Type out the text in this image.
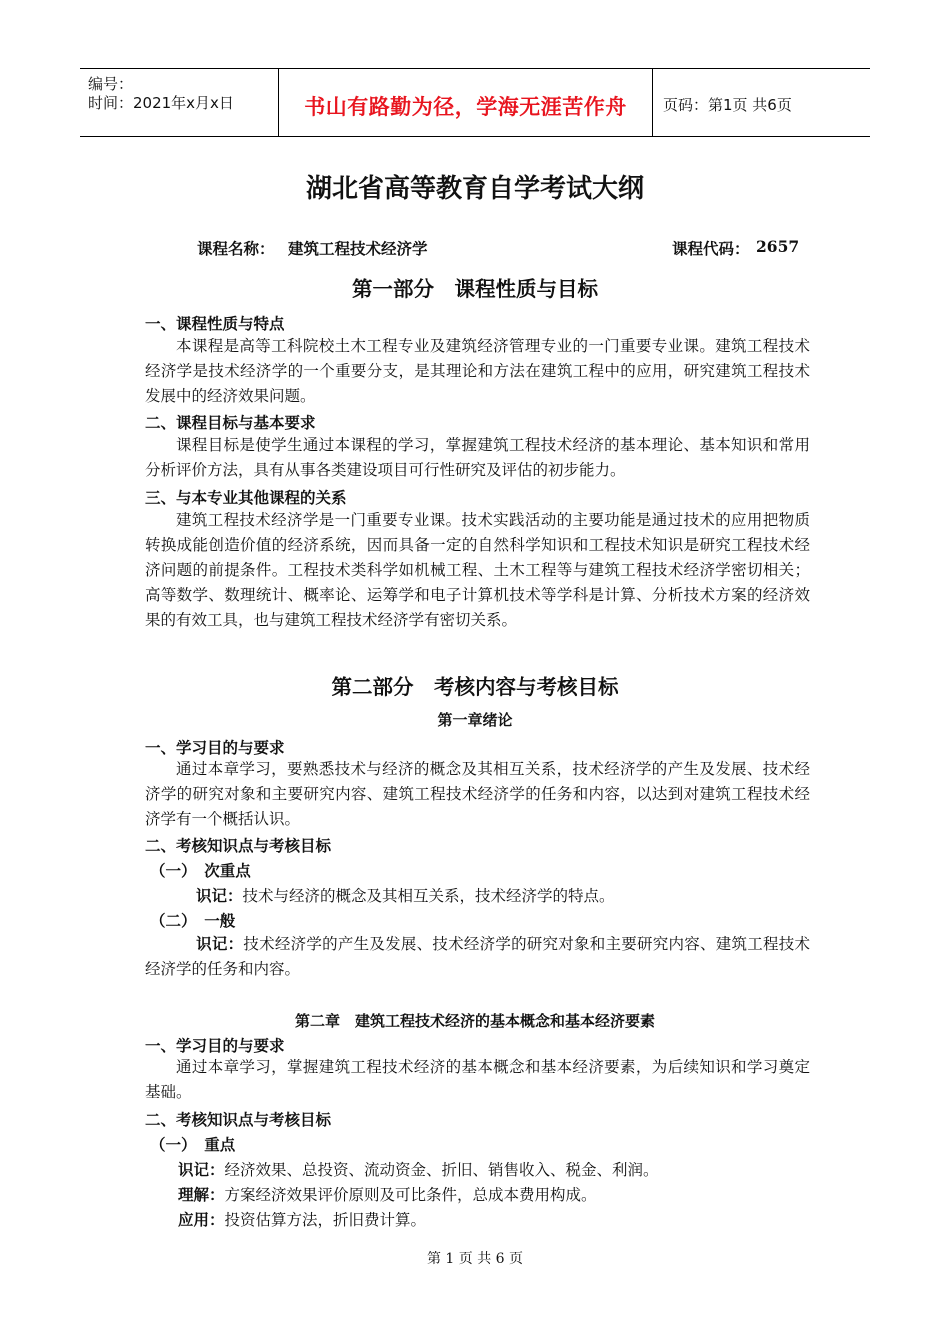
编号：
时间：2021年x月x日	书山有路勤为径，学海无涯苦作舟	页码：第1页 共6页
湖北省高等教育自学考试大纲
课程名称： 建筑工程技术经济学	课程代码： 2657
第一部分　课程性质与目标
一、课程性质与特点
本课程是高等工科院校土木工程专业及建筑经济管理专业的一门重要专业课。建筑工程技术经济学是技术经济学的一个重要分支，是其理论和方法在建筑工程中的应用，研究建筑工程技术发展中的经济效果问题。
二、课程目标与基本要求
课程目标是使学生通过本课程的学习，掌握建筑工程技术经济的基本理论、基本知识和常用分析评价方法，具有从事各类建设项目可行性研究及评估的初步能力。
三、与本专业其他课程的关系
建筑工程技术经济学是一门重要专业课。技术实践活动的主要功能是通过技术的应用把物质转换成能创造价值的经济系统，因而具备一定的自然科学知识和工程技术知识是研究工程技术经济问题的前提条件。工程技术类科学如机械工程、土木工程等与建筑工程技术经济学密切相关；高等数学、数理统计、概率论、运筹学和电子计算机技术等学科是计算、分析技术方案的经济效果的有效工具，也与建筑工程技术经济学有密切关系。
第二部分　考核内容与考核目标
第一章绪论
一、学习目的与要求
通过本章学习，要熟悉技术与经济的概念及其相互关系，技术经济学的产生及发展、技术经济学的研究对象和主要研究内容、建筑工程技术经济学的任务和内容，以达到对建筑工程技术经济学有一个概括认识。
二、考核知识点与考核目标
（一）　次重点
识记：技术与经济的概念及其相互关系，技术经济学的特点。
（二）　一般
识记：技术经济学的产生及发展、技术经济学的研究对象和主要研究内容、建筑工程技术经济学的任务和内容。
第二章　建筑工程技术经济的基本概念和基本经济要素
一、学习目的与要求
通过本章学习，掌握建筑工程技术经济的基本概念和基本经济要素，为后续知识和学习奠定基础。
二、考核知识点与考核目标
（一）　重点
识记：经济效果、总投资、流动资金、折旧、销售收入、税金、利润。
理解：方案经济效果评价原则及可比条件，总成本费用构成。
应用：投资估算方法，折旧费计算。
第 1 页 共 6 页
